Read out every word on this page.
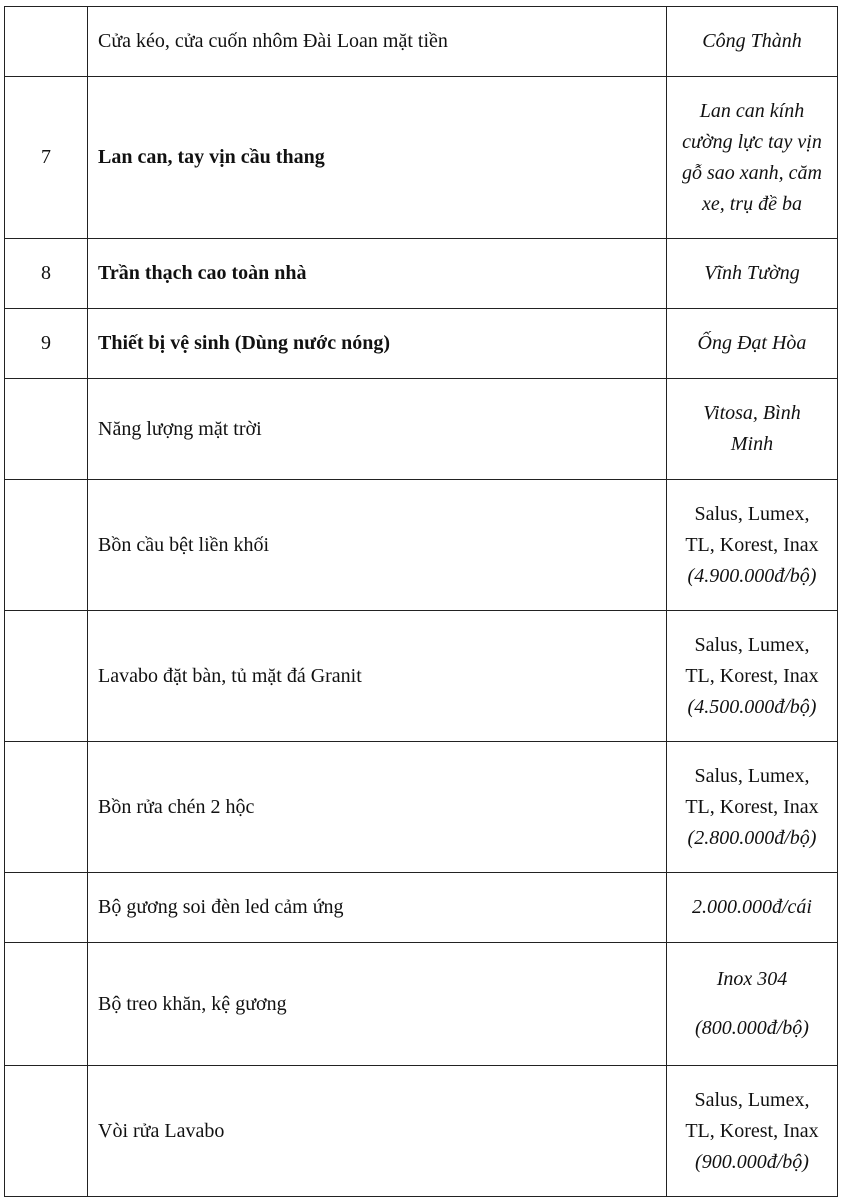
	Cửa kéo, cửa cuốn nhôm Đài Loan mặt tiền	Công Thành

7	Lan can, tay vịn cầu thang	Lan can kính
cường lực tay vịn
gỗ sao xanh, căm
xe, trụ đề ba

8	Trần thạch cao toàn nhà	Vĩnh Tường

9	Thiết bị vệ sinh (Dùng nước nóng)	Ống Đạt Hòa

	Năng lượng mặt trời	Vitosa, Bình
Minh

	Bồn cầu bệt liền khối	Salus, Lumex,
TL, Korest, Inax
(4.900.000đ/bộ)

	Lavabo đặt bàn, tủ mặt đá Granit	Salus, Lumex,
TL, Korest, Inax
(4.500.000đ/bộ)

	Bồn rửa chén 2 hộc	Salus, Lumex,
TL, Korest, Inax
(2.800.000đ/bộ)

	Bộ gương soi đèn led cảm ứng	2.000.000đ/cái

	Bộ treo khăn, kệ gương	Inox 304
(800.000đ/bộ)

	Vòi rửa Lavabo	Salus, Lumex,
TL, Korest, Inax
(900.000đ/bộ)
